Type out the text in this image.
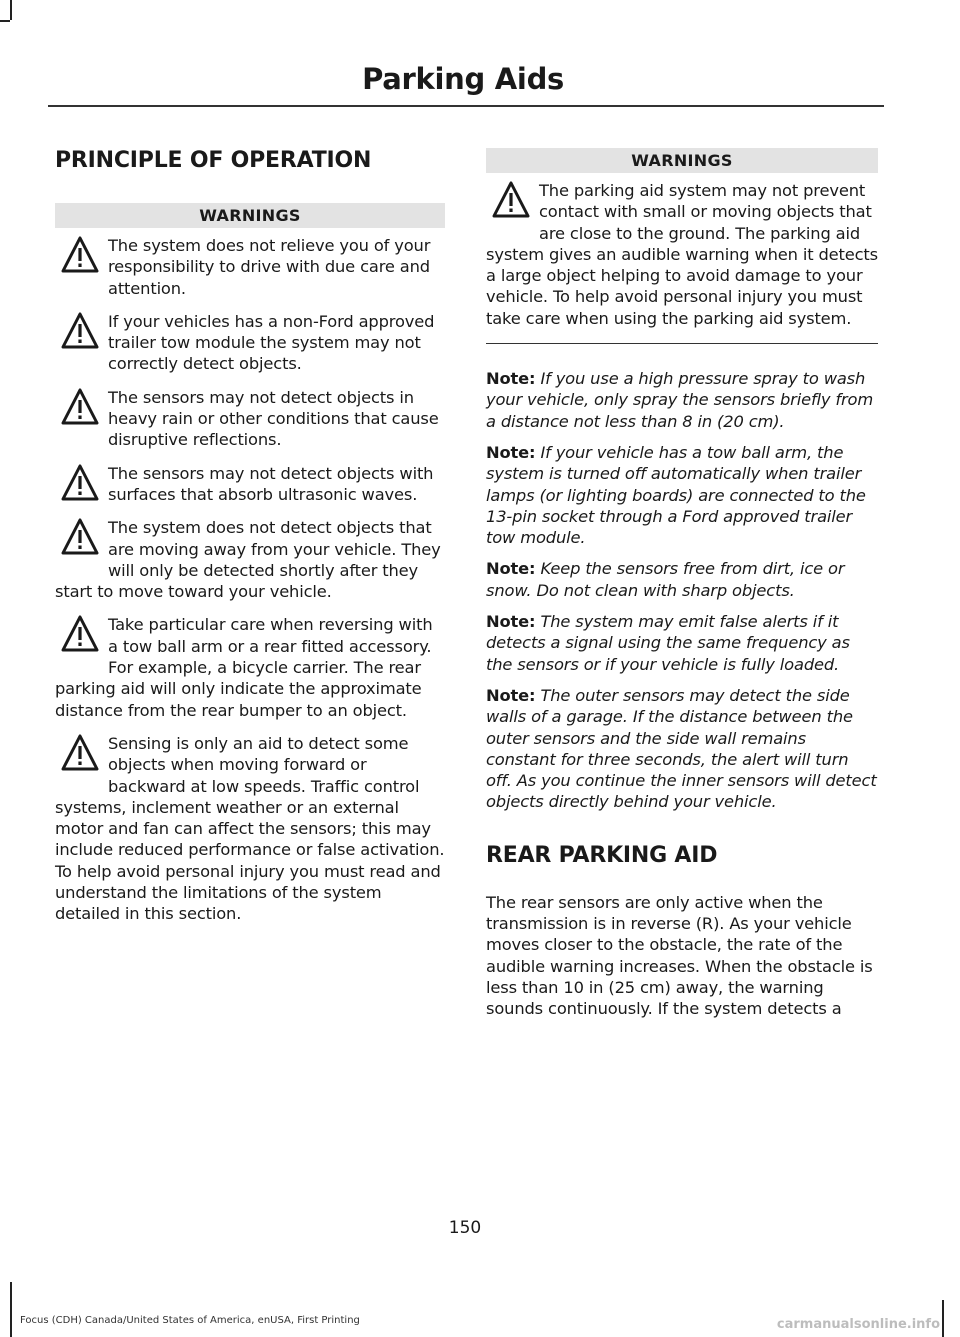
Parking Aids
PRINCIPLE OF OPERATION
WARNINGS
The system does not relieve you of your responsibility to drive with due care and attention.
If your vehicles has a non-Ford approved trailer tow module the system may not correctly detect objects.
The sensors may not detect objects in heavy rain or other conditions that cause disruptive reflections.
The sensors may not detect objects with surfaces that absorb ultrasonic waves.
The system does not detect objects that are moving away from your vehicle. They will only be detected shortly after they start to move toward your vehicle.
Take particular care when reversing with a tow ball arm or a rear fitted accessory. For example, a bicycle carrier. The rear parking aid will only indicate the approximate distance from the rear bumper to an object.
Sensing is only an aid to detect some objects when moving forward or backward at low speeds. Traffic control systems, inclement weather or an external motor and fan can affect the sensors; this may include reduced performance or false activation. To help avoid personal injury you must read and understand the limitations of the system detailed in this section.
WARNINGS
The parking aid system may not prevent contact with small or moving objects that are close to the ground. The parking aid system gives an audible warning when it detects a large object helping to avoid damage to your vehicle. To help avoid personal injury you must take care when using the parking aid system.

Note: If you use a high pressure spray to wash your vehicle, only spray the sensors briefly from a distance not less than 8 in (20 cm).

Note: If your vehicle has a tow ball arm, the system is turned off automatically when trailer lamps (or lighting boards) are connected to the 13-pin socket through a Ford approved trailer tow module.

Note: Keep the sensors free from dirt, ice or snow. Do not clean with sharp objects.

Note: The system may emit false alerts if it detects a signal using the same frequency as the sensors or if your vehicle is fully loaded.

Note: The outer sensors may detect the side walls of a garage. If the distance between the outer sensors and the side wall remains constant for three seconds, the alert will turn off. As you continue the inner sensors will detect objects directly behind your vehicle.

REAR PARKING AID

The rear sensors are only active when the transmission is in reverse (R). As your vehicle moves closer to the obstacle, the rate of the audible warning increases. When the obstacle is less than 10 in (25 cm) away, the warning sounds continuously. If the system detects a

150
Focus (CDH) Canada/United States of America, enUSA, First Printing	carmanualsonline.info
